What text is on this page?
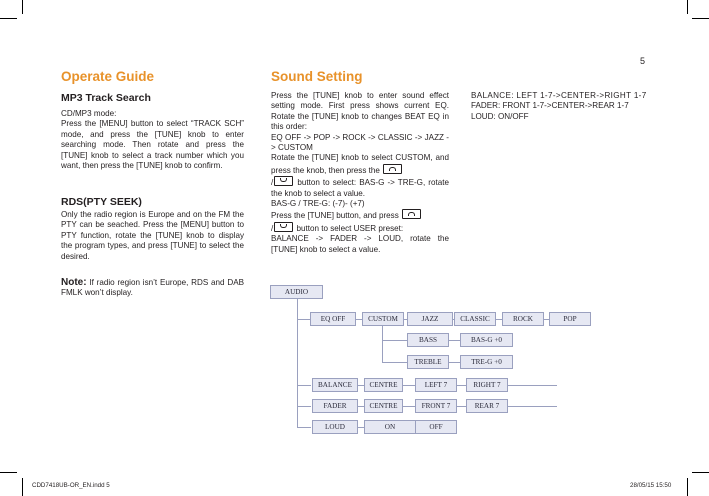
5
Operate Guide
MP3 Track Search

CD/MP3 mode:

Press the [MENU] button to select “TRACK SCH” mode, and press the [TUNE] knob to enter searching mode. Then rotate and press the [TUNE] knob to select a track number which you want, then press the [TUNE] knob to confirm.

RDS(PTY SEEK)
Only the radio region is Europe and on the FM the PTY can be seached. Press the [MENU] button to PTY function, rotate the [TUNE] knob to display the program types, and press [TUNE] to select the desired.
Note: If radio region isn’t Europe, RDS and DAB FMLK won’t display.
Sound Setting

Press the [TUNE] knob to enter sound effect setting mode. First press shows current EQ. Rotate the [TUNE] knob to changes BEAT EQ in this order:

EQ OFF -> POP -> ROCK -> CLASSIC -> JAZZ -> CUSTOM

Rotate the [TUNE] knob to select CUSTOM, and press the knob, then press the
/	button to select: BAS-G -> TRE-G, rotate the knob to select a value.

BAS-G / TRE-G: (-7)- (+7)

Press the [TUNE] button, and press
/	button to select USER preset:

BALANCE -> FADER -> LOUD, rotate the [TUNE] knob to select a value.

BALANCE: LEFT 1-7->CENTER->RIGHT 1-7

FADER: FRONT 1-7->CENTER->REAR 1-7

LOUD: ON/OFF

AUDIO
EQ OFF	CUSTOM	JAZZ	CLASSIC	ROCK	POP
BASS	BAS-G +0
TREBLE	TRE-G +0
BALANCE	CENTRE	LEFT 7	RIGHT 7
FADER	CENTRE	FRONT 7	REAR 7
LOUD	ON	OFF
CDD7418UB-OR_EN.indd 5	28/05/15 15:50
